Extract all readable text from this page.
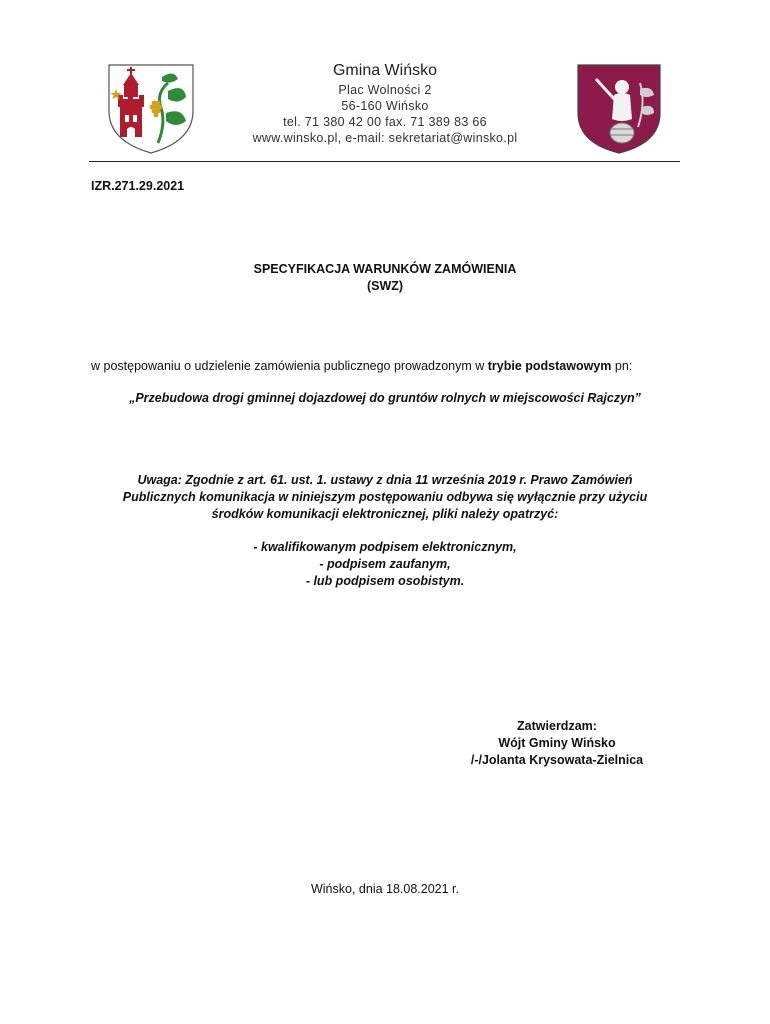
Gmina Wińsko
Plac Wolności 2
56-160 Wińsko
tel. 71 380 42 00 fax. 71 389 83 66
www.winsko.pl, e-mail: sekretariat@winsko.pl
IZR.271.29.2021
SPECYFIKACJA WARUNKÓW ZAMÓWIENIA
(SWZ)
w postępowaniu o udzielenie zamówienia publicznego prowadzonym w trybie podstawowym pn:
„Przebudowa drogi gminnej dojazdowej do gruntów rolnych w miejscowości Rajczyn”
Uwaga: Zgodnie z art. 61. ust. 1. ustawy z dnia 11 września 2019 r. Prawo Zamówień
Publicznych komunikacja w niniejszym postępowaniu odbywa się wyłącznie przy użyciu
środków komunikacji elektronicznej, pliki należy opatrzyć:
- kwalifikowanym podpisem elektronicznym,
- podpisem zaufanym,
- lub podpisem osobistym.
Zatwierdzam:
Wójt Gminy Wińsko
/-/Jolanta Krysowata-Zielnica
Wińsko, dnia 18.08.2021 r.
